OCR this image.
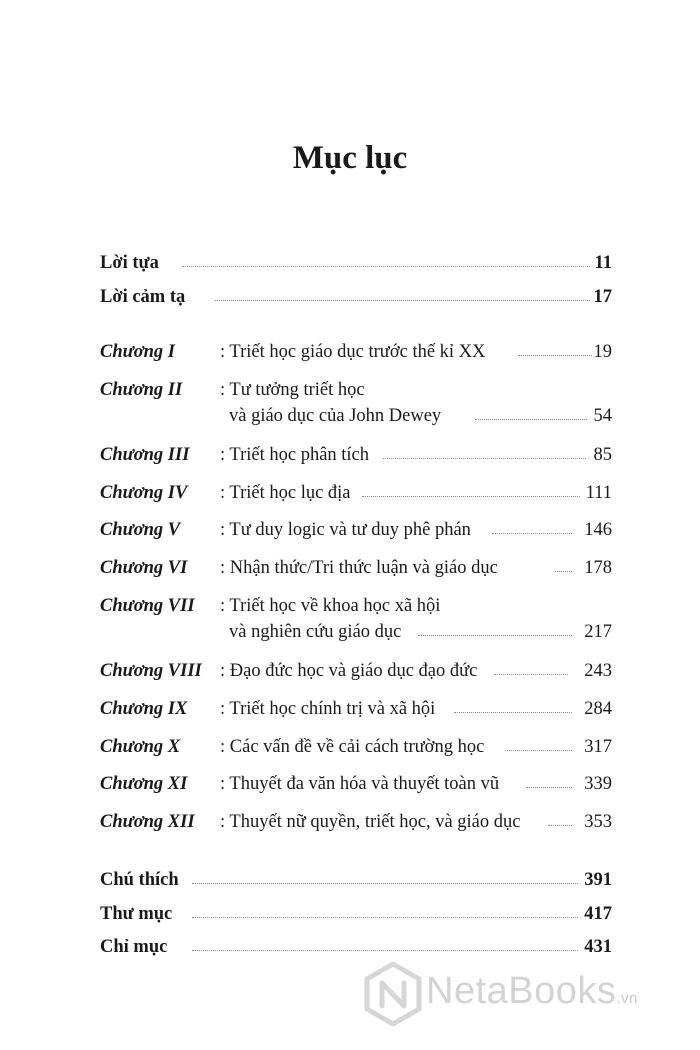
Mục lục
Lời tựa	11
Lời cảm tạ	17
Chương I : Triết học giáo dục trước thế kỉ XX	19
Chương II : Tư tưởng triết học
và giáo dục của John Dewey	54
Chương III : Triết học phân tích	85
Chương IV : Triết học lục địa	111
Chương V : Tư duy logic và tư duy phê phán	146
Chương VI : Nhận thức/Tri thức luận và giáo dục	178
Chương VII : Triết học về khoa học xã hội
và nghiên cứu giáo dục	217
Chương VIII : Đạo đức học và giáo dục đạo đức	243
Chương IX : Triết học chính trị và xã hội	284
Chương X : Các vấn đề về cải cách trường học	317
Chương XI : Thuyết đa văn hóa và thuyết toàn vũ	339
Chương XII : Thuyết nữ quyền, triết học, và giáo dục	353
Chú thích	391
Thư mục	417
Chỉ mục	431
NetaBooks.vn
